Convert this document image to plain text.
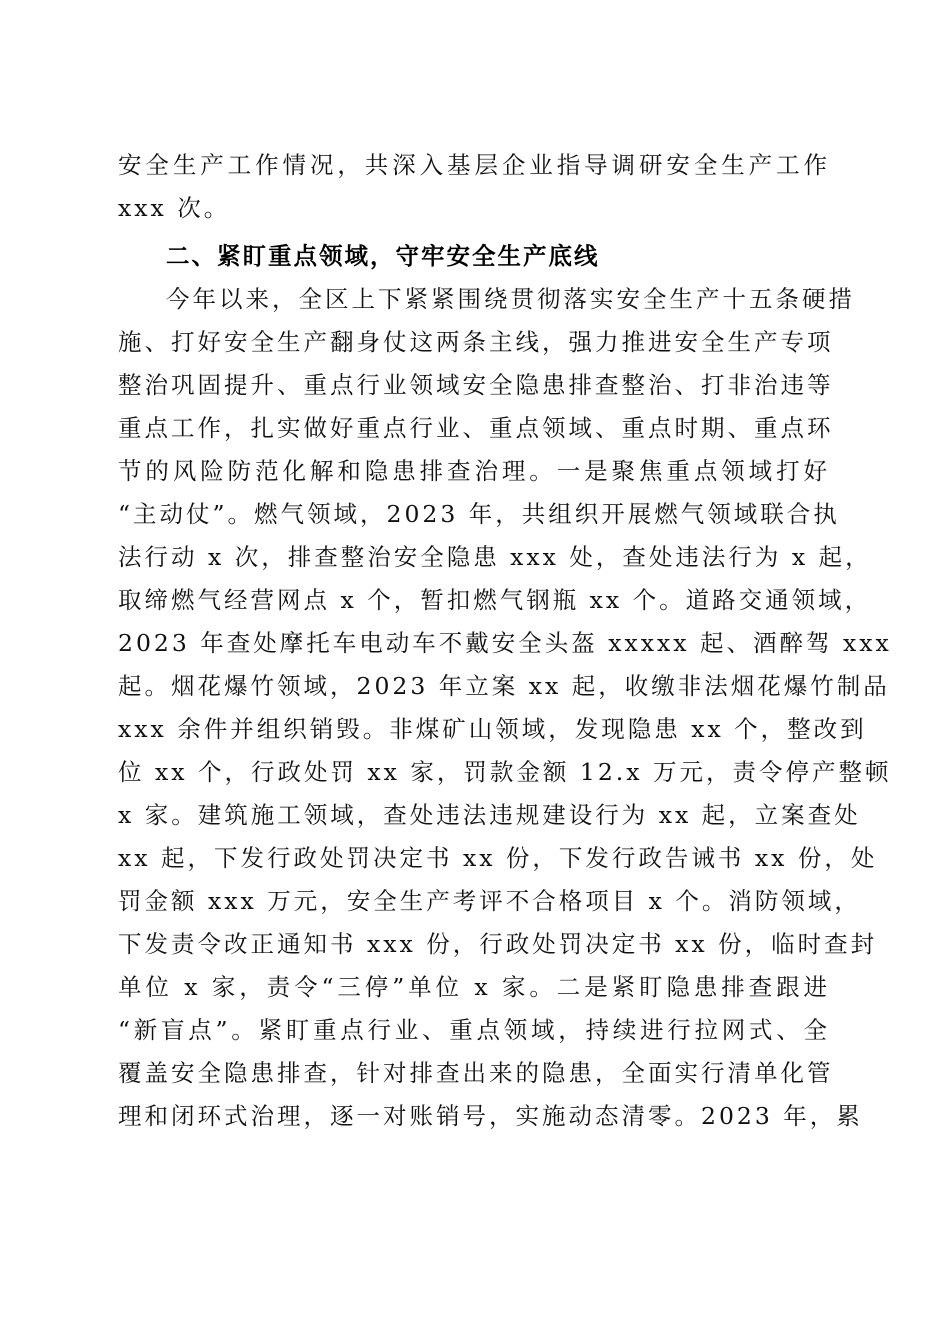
安全生产工作情况，共深入基层企业指导调研安全生产工作
xxx 次。
二、紧盯重点领域，守牢安全生产底线
今年以来，全区上下紧紧围绕贯彻落实安全生产十五条硬措
施、打好安全生产翻身仗这两条主线，强力推进安全生产专项
整治巩固提升、重点行业领域安全隐患排查整治、打非治违等
重点工作，扎实做好重点行业、重点领域、重点时期、重点环
节的风险防范化解和隐患排查治理。一是聚焦重点领域打好
“主动仗”。燃气领域，2023 年，共组织开展燃气领域联合执
法行动 x 次，排查整治安全隐患 xxx 处，查处违法行为 x 起，
取缔燃气经营网点 x 个，暂扣燃气钢瓶 xx 个。道路交通领域，
2023 年查处摩托车电动车不戴安全头盔 xxxxx 起、酒醉驾 xxx
起。烟花爆竹领域，2023 年立案 xx 起，收缴非法烟花爆竹制品
xxx 余件并组织销毁。非煤矿山领域，发现隐患 xx 个，整改到
位 xx 个，行政处罚 xx 家，罚款金额 12.x 万元，责令停产整顿
x 家。建筑施工领域，查处违法违规建设行为 xx 起，立案查处
xx 起，下发行政处罚决定书 xx 份，下发行政告诫书 xx 份，处
罚金额 xxx 万元，安全生产考评不合格项目 x 个。消防领域，
下发责令改正通知书 xxx 份，行政处罚决定书 xx 份，临时查封
单位 x 家，责令“三停”单位 x 家。二是紧盯隐患排查跟进
“新盲点”。紧盯重点行业、重点领域，持续进行拉网式、全
覆盖安全隐患排查，针对排查出来的隐患，全面实行清单化管
理和闭环式治理，逐一对账销号，实施动态清零。2023 年，累
